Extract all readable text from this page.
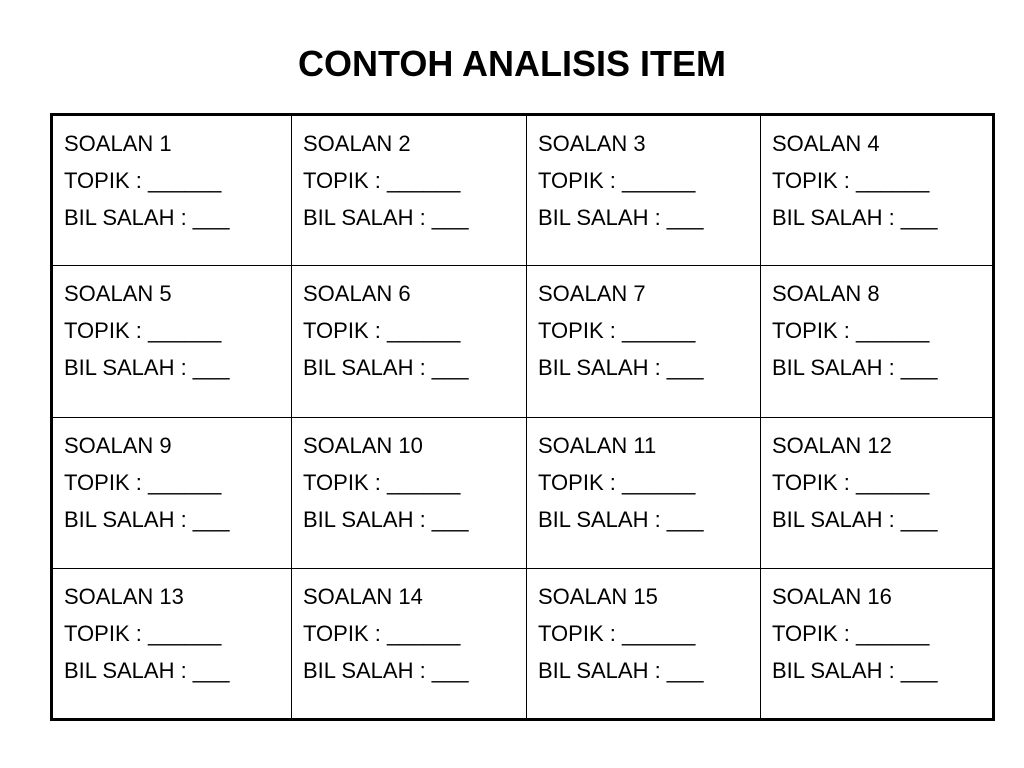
CONTOH ANALISIS ITEM
SOALAN 1
TOPIK : ______
BIL SALAH : ___	SOALAN 2
TOPIK : ______
BIL SALAH : ___	SOALAN 3
TOPIK : ______
BIL SALAH : ___	SOALAN 4
TOPIK : ______
BIL SALAH : ___

SOALAN 5
TOPIK : ______
BIL SALAH : ___	SOALAN 6
TOPIK : ______
BIL SALAH : ___	SOALAN 7
TOPIK : ______
BIL SALAH : ___	SOALAN 8
TOPIK : ______
BIL SALAH : ___

SOALAN 9
TOPIK : ______
BIL SALAH : ___	SOALAN 10
TOPIK : ______
BIL SALAH : ___	SOALAN 11
TOPIK : ______
BIL SALAH : ___	SOALAN 12
TOPIK : ______
BIL SALAH : ___

SOALAN 13
TOPIK : ______
BIL SALAH : ___	SOALAN 14
TOPIK : ______
BIL SALAH : ___	SOALAN 15
TOPIK : ______
BIL SALAH : ___	SOALAN 16
TOPIK : ______
BIL SALAH : ___
